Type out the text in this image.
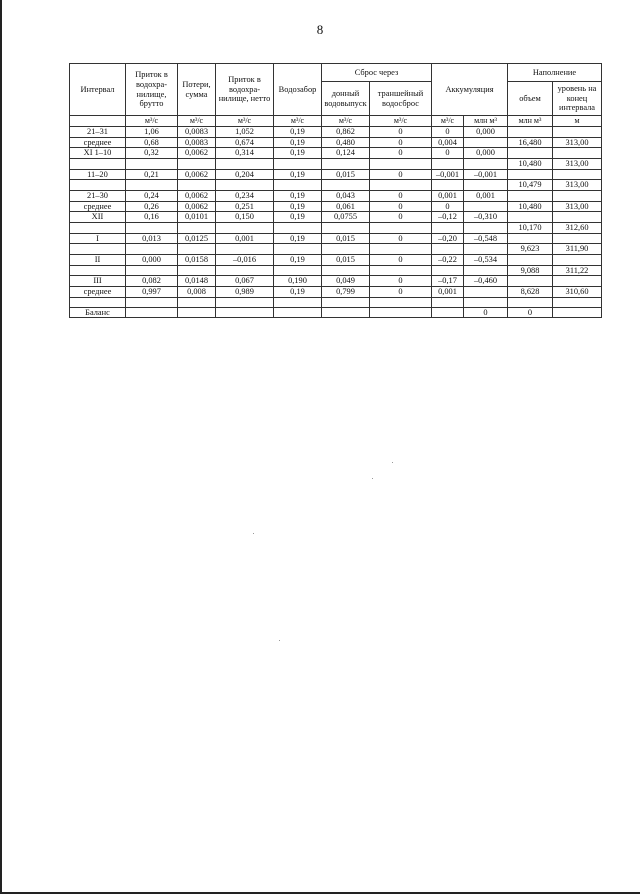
8
Интервал	Приток в водохра-нилище, брутто	Потери, сумма	Приток в водохра-нилище, нетто	Водозабор	Сброс через		Аккумуляция		Наполнение	
					донный водовыпуск	траншейный водосброс			объем	уровень на конец интервала
	м³/с	м³/с	м³/с	м³/с	м³/с	м³/с	м³/с	млн м³	млн м³	м
21–31	1,06	0,0083	1,052	0,19	0,862	0	0	0,000		
среднее	0,68	0,0083	0,674	0,19	0,480	0	0,004		16,480	313,00
XI 1–10	0,32	0,0062	0,314	0,19	0,124	0	0	0,000		
									10,480	313,00
11–20	0,21	0,0062	0,204	0,19	0,015	0	–0,001	–0,001		
									10,479	313,00
21–30	0,24	0,0062	0,234	0,19	0,043	0	0,001	0,001		
среднее	0,26	0,0062	0,251	0,19	0,061	0	0		10,480	313,00
XII	0,16	0,0101	0,150	0,19	0,0755	0	–0,12	–0,310		
									10,170	312,60
I	0,013	0,0125	0,001	0,19	0,015	0	–0,20	–0,548		
									9,623	311,90
II	0,000	0,0158	–0,016	0,19	0,015	0	–0,22	–0,534		
									9,088	311,22
III	0,082	0,0148	0,067	0,190	0,049	0	–0,17	–0,460		
среднее	0,997	0,008	0,989	0,19	0,799	0	0,001		8,628	310,60

Баланс								0	0	
